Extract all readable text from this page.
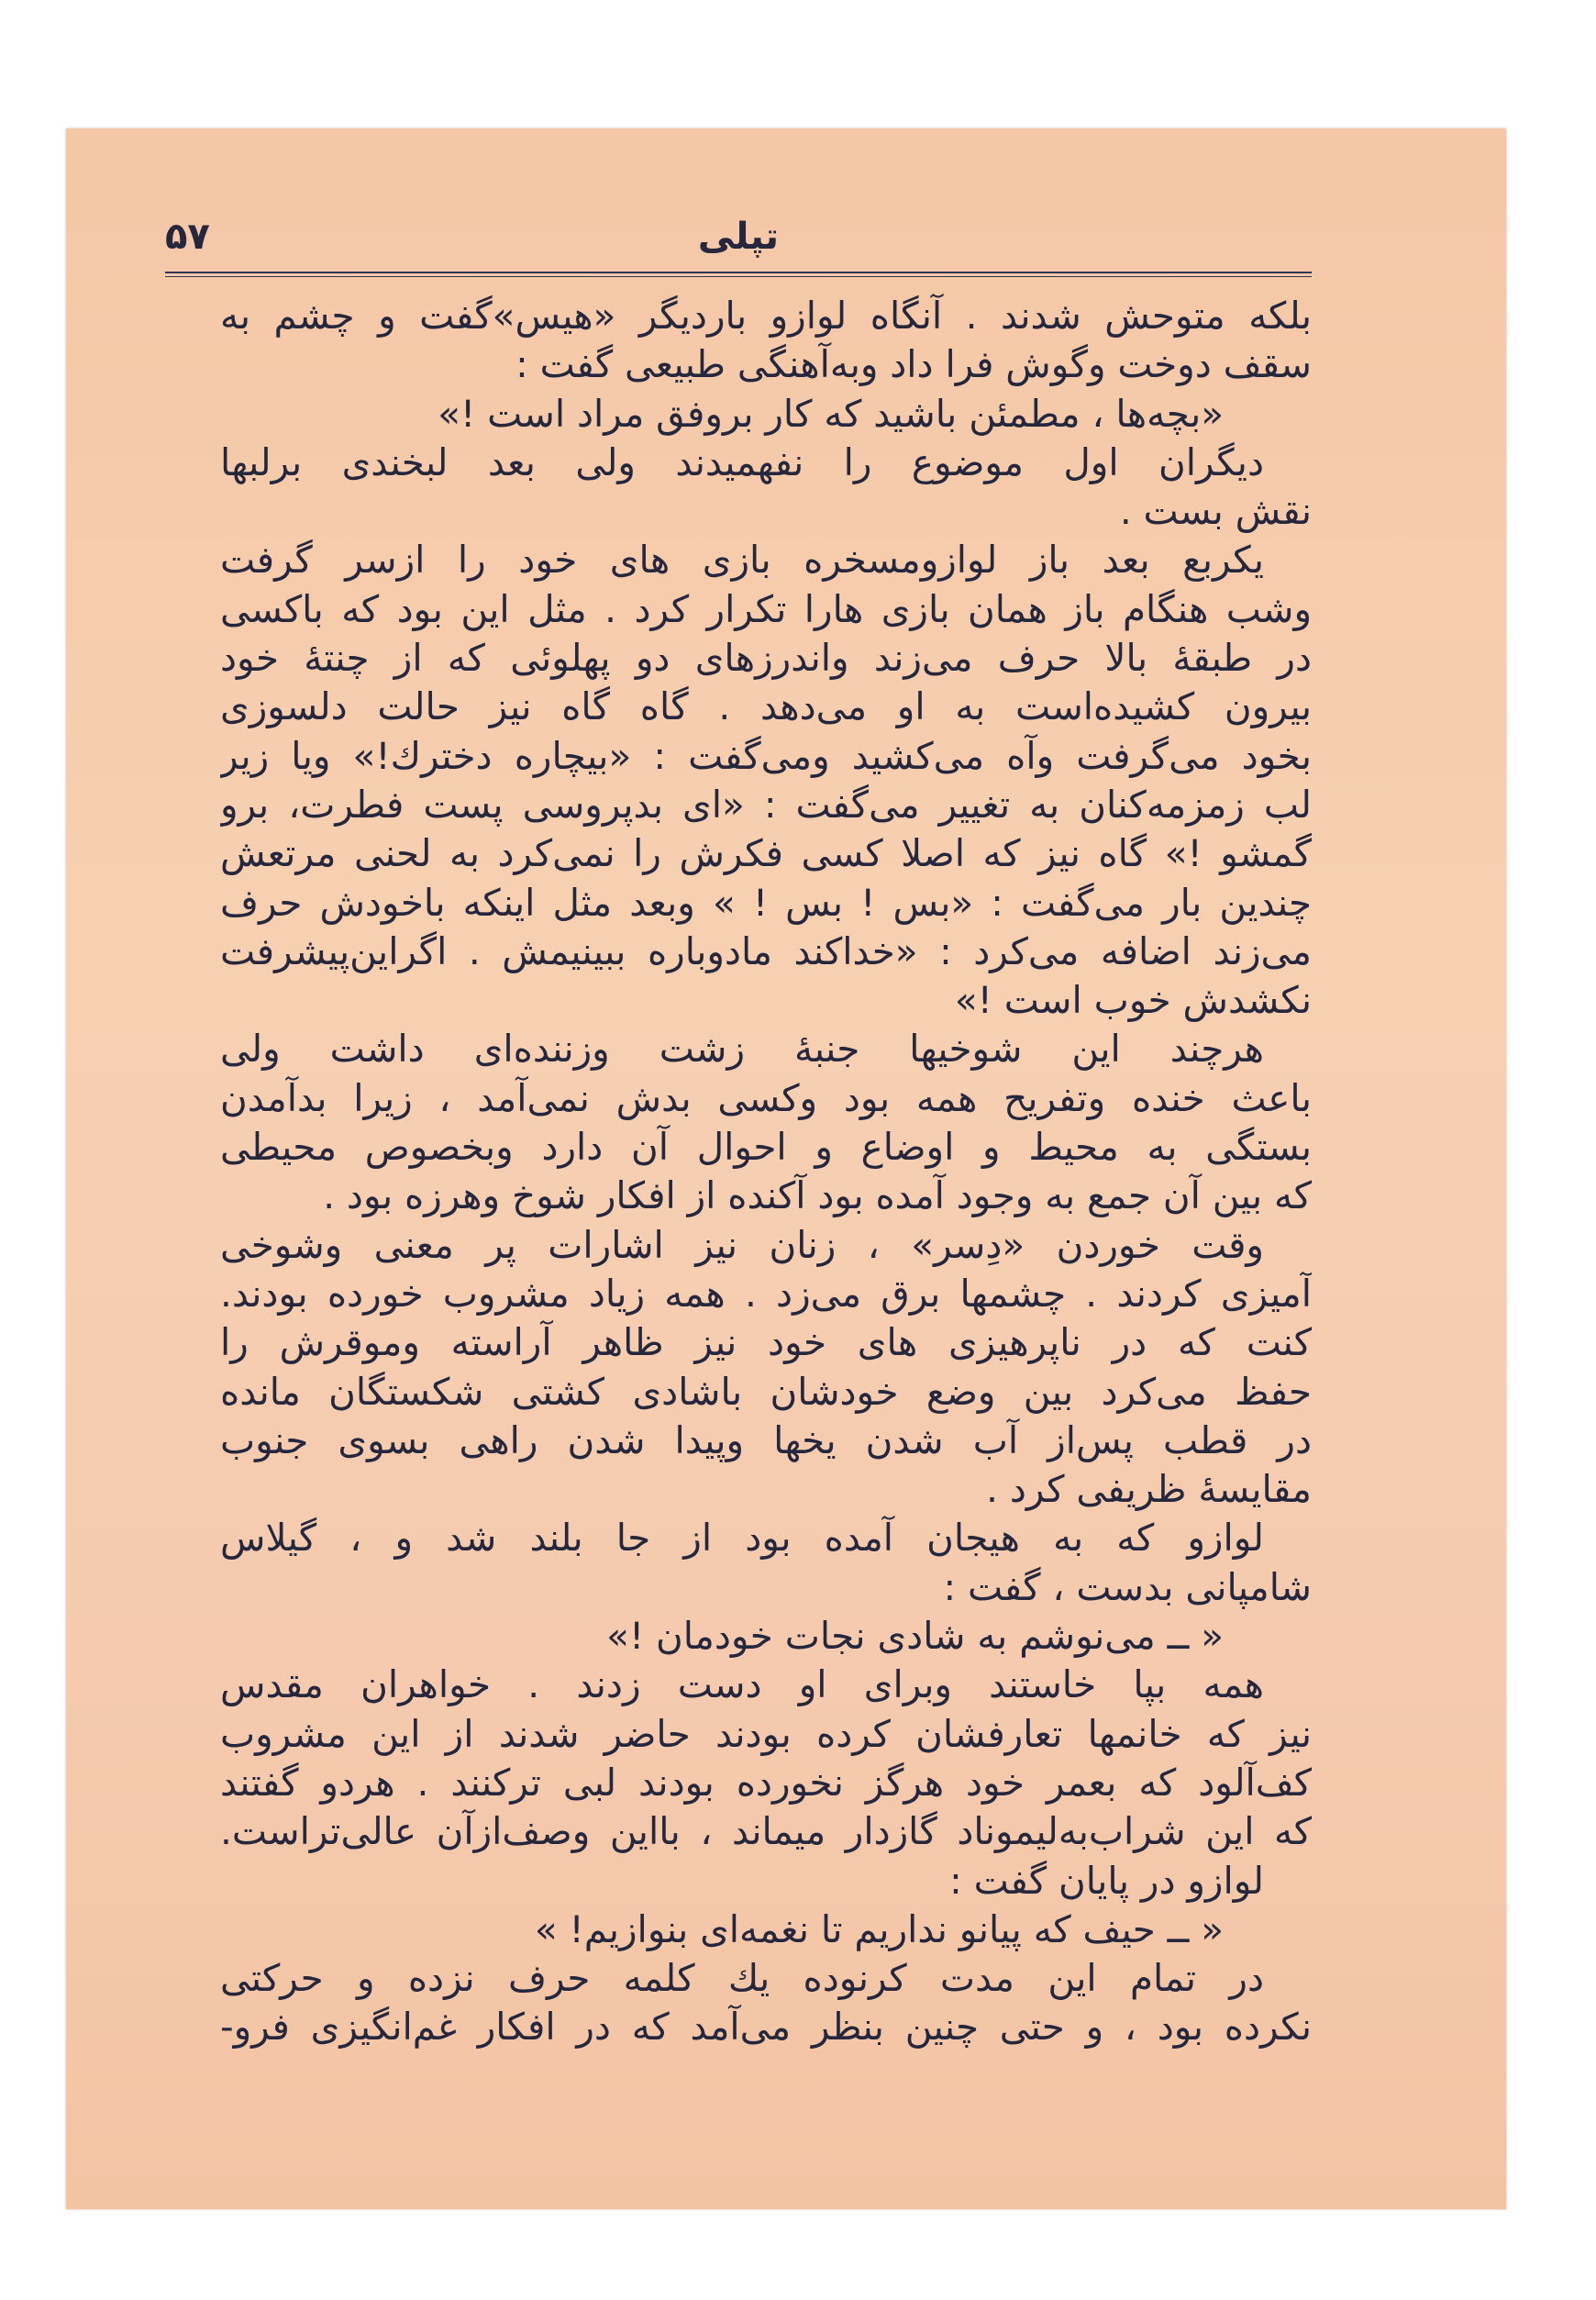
۵۷	تپلی
بلکه متوحش شدند . آنگاه لوازو باردیگر «هیس»گفت و چشم به
سقف دوخت وگوش فرا داد وبه‌آهنگی طبیعی گفت :
«بچه‌ها ، مطمئن باشید که کار بروفق مراد است !»
دیگران اول موضوع را نفهمیدند ولی بعد لبخندی برلبها
نقش بست .
یکربع بعد باز لوازومسخره بازی های خود را ازسر گرفت
وشب هنگام باز همان بازی هارا تکرار کرد . مثل این بود که باکسی
در طبقهٔ بالا حرف می‌زند واندرزهای دو پهلوئی که از چنتهٔ خود
بیرون کشیده‌است به او می‌دهد . گاه گاه نیز حالت دلسوزی
بخود می‌گرفت وآه می‌کشید ومی‌گفت : «بیچاره دخترك!» ویا زیر
لب زمزمه‌کنان به تغییر می‌گفت : «ای بدپروسی پست فطرت، برو
گمشو !» گاه نیز که اصلا کسی فکرش را نمی‌کرد به لحنی مرتعش
چندین بار می‌گفت : «بس ! بس ! » وبعد مثل اینکه باخودش حرف
می‌زند اضافه می‌کرد : «خداکند مادوباره ببینیمش . اگراین‌پیشرفت
نکشدش خوب است !»
هرچند این شوخیها جنبهٔ زشت وزننده‌ای داشت ولی
باعث خنده وتفریح همه بود وکسی بدش نمی‌آمد ، زیرا بدآمدن
بستگی به محیط و اوضاع و احوال آن دارد وبخصوص محیطی
که بین آن جمع به وجود آمده بود آکنده از افکار شوخ وهرزه بود .
وقت خوردن «دِسر» ، زنان نیز اشارات پر معنی وشوخی
آمیزی کردند . چشمها برق می‌زد . همه زیاد مشروب خورده بودند.
کنت که در ناپرهیزی های خود نیز ظاهر آراسته وموقرش را
حفظ می‌کرد بین وضع خودشان باشادی کشتی شکستگان مانده
در قطب پس‌از آب شدن یخها وپیدا شدن راهی بسوی جنوب
مقایسهٔ ظریفی کرد .
لوازو که به هیجان آمده بود از جا بلند شد و ، گیلاس
شامپانی بدست ، گفت :
« ــ می‌نوشم به شادی نجات خودمان !»
همه بپا خاستند وبرای او دست زدند . خواهران مقدس
نیز که خانمها تعارفشان کرده بودند حاضر شدند از این مشروب
کف‌آلود که بعمر خود هرگز نخورده بودند لبی ترکنند . هردو گفتند
که این شراب‌به‌لیموناد گازدار میماند ، بااین وصف‌ازآن عالی‌تراست.
لوازو در پایان گفت :
« ــ حیف که پیانو نداریم تا نغمه‌ای بنوازیم! »
در تمام این مدت کرنوده یك کلمه حرف نزده و حرکتی
نکرده بود ، و حتی چنین بنظر می‌آمد که در افکار غم‌انگیزی فرو-
